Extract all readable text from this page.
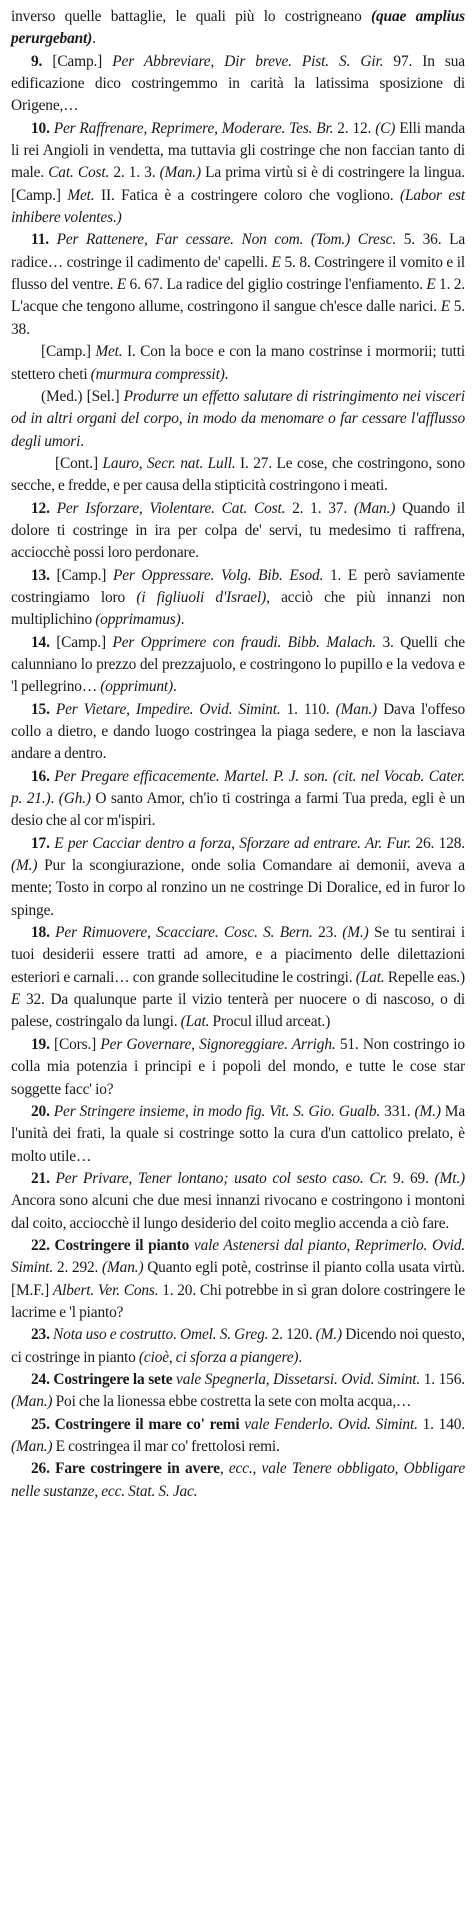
inverso quelle battaglie, le quali più lo costrigneano (quae amplius perurgebant).

9. [Camp.] Per Abbreviare, Dir breve. Pist. S. Gir. 97. In sua edificazione dico costringemmo in carità la latissima sposizione di Origene,…

10. Per Raffrenare, Reprimere, Moderare. Tes. Br. 2. 12. (C) Elli manda li rei Angioli in vendetta, ma tuttavia gli costringe che non faccian tanto di male. Cat. Cost. 2. 1. 3. (Man.) La prima virtù si è di costringere la lingua. [Camp.] Met. II. Fatica è a costringere coloro che vogliono. (Labor est inhibere volentes.)

11. Per Rattenere, Far cessare. Non com. (Tom.) Cresc. 5. 36. La radice… costringe il cadimento de' capelli. E 5. 8. Costringere il vomito e il flusso del ventre. E 6. 67. La radice del giglio costringe l'enfiamento. E 1. 2. L'acque che tengono allume, costringono il sangue ch'esce dalle narici. E 5. 38.

[Camp.] Met. I. Con la boce e con la mano costrinse i mormorii; tutti stettero cheti (murmura compressit).

(Med.) [Sel.] Produrre un effetto salutare di ristringimento nei visceri od in altri organi del corpo, in modo da menomare o far cessare l'afflusso degli umori.

[Cont.] Lauro, Secr. nat. Lull. I. 27. Le cose, che costringono, sono secche, e fredde, e per causa della stipticità costringono i meati.

12. Per Isforzare, Violentare. Cat. Cost. 2. 1. 37. (Man.) Quando il dolore ti costringe in ira per colpa de' servi, tu medesimo ti raffrena, acciocchè possi loro perdonare.

13. [Camp.] Per Oppressare. Volg. Bib. Esod. 1. E però saviamente costringiamo loro (i figliuoli d'Israel), acciò che più innanzi non multiplichino (opprimamus).

14. [Camp.] Per Opprimere con fraudi. Bibb. Malach. 3. Quelli che calunniano lo prezzo del prezzajuolo, e costringono lo pupillo e la vedova e 'l pellegrino… (opprimunt).

15. Per Vietare, Impedire. Ovid. Simint. 1. 110. (Man.) Dava l'offeso collo a dietro, e dando luogo costringea la piaga sedere, e non la lasciava andare a dentro.

16. Per Pregare efficacemente. Martel. P. J. son. (cit. nel Vocab. Cater. p. 21.). (Gh.) O santo Amor, ch'io ti costringa a farmi Tua preda, egli è un desio che al cor m'ispiri.

17. E per Cacciar dentro a forza, Sforzare ad entrare. Ar. Fur. 26. 128. (M.) Pur la scongiurazione, onde solia Comandare ai demonii, aveva a mente; Tosto in corpo al ronzino un ne costringe Di Doralice, ed in furor lo spinge.

18. Per Rimuovere, Scacciare. Cosc. S. Bern. 23. (M.) Se tu sentirai i tuoi desiderii essere tratti ad amore, e a piacimento delle dilettazioni esteriori e carnali… con grande sollecitudine le costringi. (Lat. Repelle eas.) E 32. Da qualunque parte il vizio tenterà per nuocere o di nascoso, o di palese, costringalo da lungi. (Lat. Procul illud arceat.)

19. [Cors.] Per Governare, Signoreggiare. Arrigh. 51. Non costringo io colla mia potenzia i principi e i popoli del mondo, e tutte le cose star soggette facc' io?

20. Per Stringere insieme, in modo fig. Vit. S. Gio. Gualb. 331. (M.) Ma l'unità dei frati, la quale si costringe sotto la cura d'un cattolico prelato, è molto utile…

21. Per Privare, Tener lontano; usato col sesto caso. Cr. 9. 69. (Mt.) Ancora sono alcuni che due mesi innanzi rivocano e costringono i montoni dal coito, acciocchè il lungo desiderio del coito meglio accenda a ciò fare.

22. Costringere il pianto vale Astenersi dal pianto, Reprimerlo. Ovid. Simint. 2. 292. (Man.) Quanto egli potè, costrinse il pianto colla usata virtù. [M.F.] Albert. Ver. Cons. 1. 20. Chi potrebbe in sì gran dolore costringere le lacrime e 'l pianto?

23. Nota uso e costrutto. Omel. S. Greg. 2. 120. (M.) Dicendo noi questo, ci costringe in pianto (cioè, ci sforza a piangere).

24. Costringere la sete vale Spegnerla, Dissetarsi. Ovid. Simint. 1. 156. (Man.) Poi che la lionessa ebbe costretta la sete con molta acqua,…

25. Costringere il mare co' remi vale Fenderlo. Ovid. Simint. 1. 140. (Man.) E costringea il mar co' frettolosi remi.

26. Fare costringere in avere, ecc., vale Tenere obbligato, Obbligare nelle sustanze, ecc. Stat. S. Jac.
